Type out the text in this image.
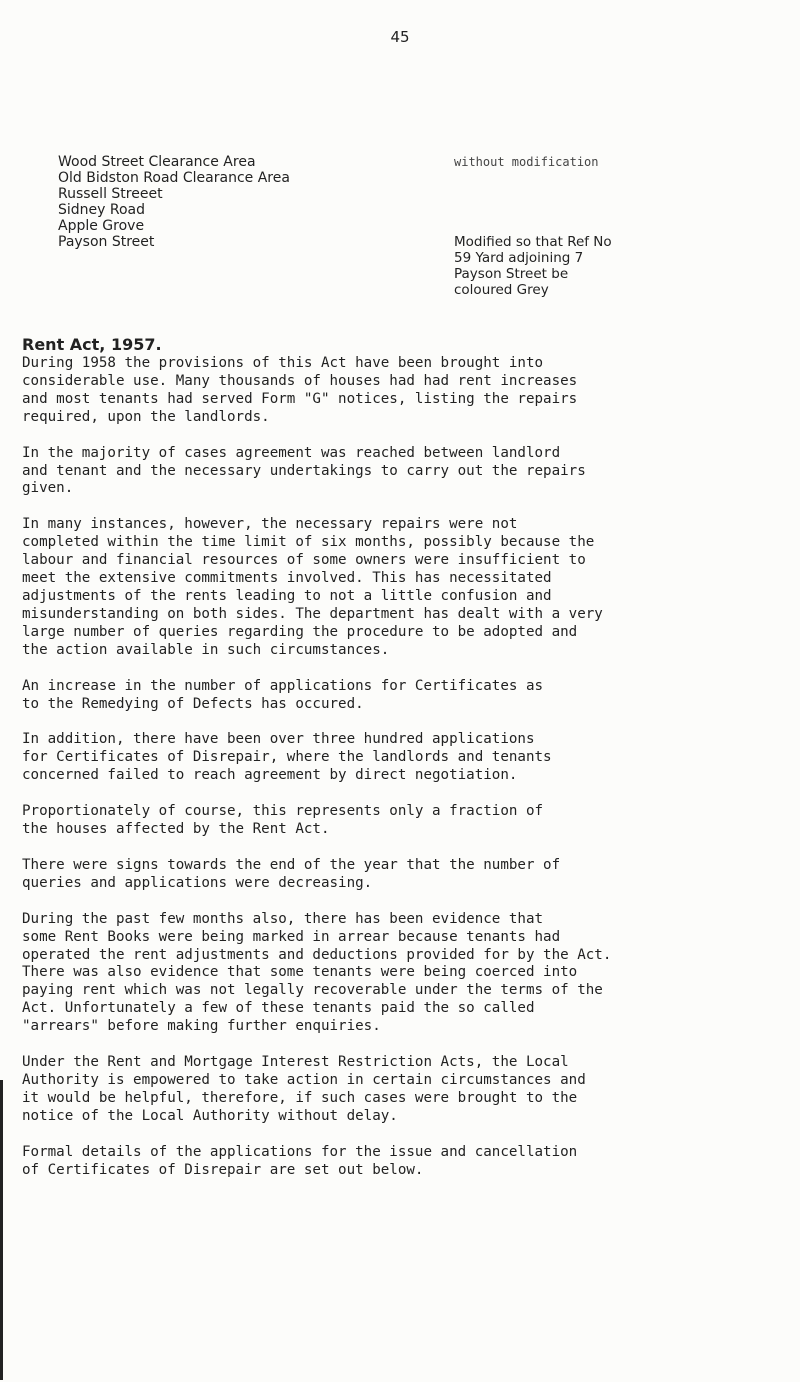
45
Wood Street Clearance Area	without modification
Old Bidston Road Clearance Area
Russell Streeet
Sidney Road
Apple Grove
Payson Street	Modified so that Ref No
59 Yard adjoining 7
Payson Street be
coloured Grey
Rent Act, 1957.

During 1958 the provisions of this Act have been brought into
considerable use. Many thousands of houses had had rent increases
and most tenants had served Form "G" notices, listing the repairs
required, upon the landlords.

In the majority of cases agreement was reached between landlord
and tenant and the necessary undertakings to carry out the repairs
given.

In many instances, however, the necessary repairs were not
completed within the time limit of six months, possibly because the
labour and financial resources of some owners were insufficient to
meet the extensive commitments involved. This has necessitated
adjustments of the rents leading to not a little confusion and
misunderstanding on both sides. The department has dealt with a very
large number of queries regarding the procedure to be adopted and
the action available in such circumstances.

An increase in the number of applications for Certificates as
to the Remedying of Defects has occured.

In addition, there have been over three hundred applications
for Certificates of Disrepair, where the landlords and tenants
concerned failed to reach agreement by direct negotiation.

Proportionately of course, this represents only a fraction of
the houses affected by the Rent Act.

There were signs towards the end of the year that the number of
queries and applications were decreasing.

During the past few months also, there has been evidence that
some Rent Books were being marked in arrear because tenants had
operated the rent adjustments and deductions provided for by the Act.
There was also evidence that some tenants were being coerced into
paying rent which was not legally recoverable under the terms of the
Act. Unfortunately a few of these tenants paid the so called
"arrears" before making further enquiries.

Under the Rent and Mortgage Interest Restriction Acts, the Local
Authority is empowered to take action in certain circumstances and
it would be helpful, therefore, if such cases were brought to the
notice of the Local Authority without delay.

Formal details of the applications for the issue and cancellation
of Certificates of Disrepair are set out below.
